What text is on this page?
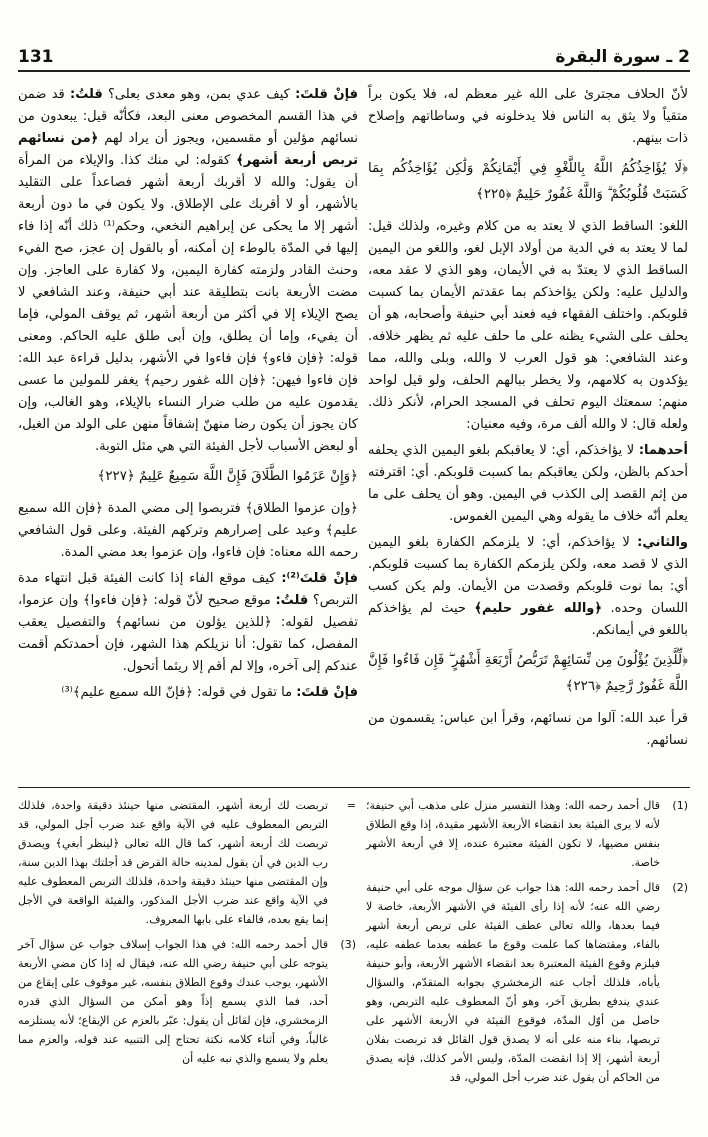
131	2 ـ سورة البقرة

لأنّ الحلاف مجترئ على الله غير معظم له، فلا يكون براً متقياً ولا يثق به الناس فلا يدخلونه في وساطاتهم وإصلاح ذات بينهم.

﴿لَا يُؤَاخِذُكُمُ اللَّهُ بِاللَّغْوِ فِي أَيْمَانِكُمْ وَلَٰكِن يُؤَاخِذُكُم بِمَا كَسَبَتْ قُلُوبُكُمْ ۗ وَاللَّهُ غَفُورٌ حَلِيمٌ ﴿٢٢٥﴾

اللغو: الساقط الذي لا يعتد به من كلام وغيره، ولذلك قيل: لما لا يعتد به في الدية من أولاد الإبل لغو، واللغو من اليمين الساقط الذي لا يعتدّ به في الأيمان، وهو الذي لا عقد معه، والدليل عليه: ولكن يؤاخذكم بما عقدتم الأيمان بما كسبت قلوبكم. واختلف الفقهاء فيه فعند أبي حنيفة وأصحابه، هو أن يحلف على الشيء يظنه على ما حلف عليه ثم يظهر خلافه. وعند الشافعي: هو قول العرب لا والله، وبلى والله، مما يؤكدون به كلامهم، ولا يخطر ببالهم الحلف، ولو قيل لواحد منهم: سمعتك اليوم تحلف في المسجد الحرام، لأنكر ذلك. ولعله قال: لا والله ألف مرة، وفيه معنيان:

أحدهما: لا يؤاخذكم، أي: لا يعاقبكم بلغو اليمين الذي يحلفه أحدكم بالظن، ولكن يعاقبكم بما كسبت قلوبكم. أي: اقترفته من إثم القصد إلى الكذب في اليمين. وهو أن يحلف على ما يعلم أنّه خلاف ما يقوله وهي اليمين الغموس.

والثاني: لا يؤاخذكم، أي: لا يلزمكم الكفارة بلغو اليمين الذي لا قصد معه، ولكن يلزمكم الكفارة بما كسبت قلوبكم. أي: بما نوت قلوبكم وقصدت من الأيمان. ولم يكن كسب اللسان وحده. ﴿والله غفور حليم﴾ حيث لم يؤاخذكم باللغو في أيمانكم.

﴿لِّلَّذِينَ يُؤْلُونَ مِن نِّسَائِهِمْ تَرَبُّصُ أَرْبَعَةِ أَشْهُرٍ ۖ فَإِن فَاءُوا فَإِنَّ اللَّهَ غَفُورٌ رَّحِيمٌ ﴿٢٢٦﴾

قرأ عبد الله: آلوا من نسائهم، وقرأ ابن عباس: يقسمون من نسائهم.

فإنْ قلتَ: كيف عدي بمن، وهو معدى بعلى؟ قلتُ: قد ضمن في هذا القسم المخصوص معنى البعد، فكأنّه قيل: يبعدون من نسائهم مؤلين أو مقسمين، ويجوز أن يراد لهم ﴿من نسائهم تربص أربعة أشهر﴾ كقوله: لي منك كذا. والإيلاء من المرأة أن يقول: والله لا أقربك أربعة أشهر فصاعداً على التقليد بالأشهر، أو لا أقربك على الإطلاق. ولا يكون في ما دون أربعة أشهر إلا ما يحكى عن إبراهيم النخعي، وحكم⁽¹⁾ ذلك أنّه إذا فاء إليها في المدّة بالوطء إن أمكنه، أو بالقول إن عجز، صح الفيء وحنث القادر ولزمته كفارة اليمين، ولا كفارة على العاجز. وإن مضت الأربعة بانت بتطليقة عند أبي حنيفة، وعند الشافعي لا يصح الإيلاء إلا في أكثر من أربعة أشهر، ثم يوقف المولي، فإما أن يفيء، وإما أن يطلق، وإن أبى طلق عليه الحاكم. ومعنى قوله: ﴿فإن فاءو﴾ فإن فاءوا في الأشهر، بدليل قراءة عبد الله: فإن فاءوا فيهن: ﴿فإن الله غفور رحيم﴾ يغفر للمولين ما عسى يقدمون عليه من طلب ضرار النساء بالإيلاء، وهو الغالب، وإن كان يجوز أن يكون رضا منهنّ إشفاقاً منهن على الولد من الغيل، أو لبعض الأسباب لأجل الفيئة التي هي مثل التوبة.

﴿وَإِنْ عَزَمُوا الطَّلَاقَ فَإِنَّ اللَّهَ سَمِيعٌ عَلِيمٌ ﴿٢٢٧﴾

﴿وإن عزموا الطلاق﴾ فتربصوا إلى مضي المدة ﴿فإن الله سميع عليم﴾ وعيد على إصرارهم وتركهم الفيئة. وعلى قول الشافعي رحمه الله معناه: فإن فاءوا، وإن عزموا بعد مضي المدة.

فإنْ قلتَ⁽²⁾: كيف موقع الفاء إذا كانت الفيئة قبل انتهاء مدة التربص؟ قلتُ: موقع صحيح لأنّ قوله: ﴿فإن فاءوا﴾ وإن عزموا، تفصيل لقوله: ﴿للذين يؤلون من نسائهم﴾ والتفصيل يعقب المفصل، كما تقول: أنا نزيلكم هذا الشهر، فإن أحمدتكم أقمت عندكم إلى آخره، وإلا لم أقم إلا ريثما أتحول.

فإنْ قلتَ: ما تقول في قوله: ﴿فإنّ الله سميع عليم﴾⁽³⁾

(1)
قال أحمد رحمه الله: وهذا التفسير منزل على مذهب أبي حنيفة؛ لأنه لا يرى الفيئة بعد انقضاء الأربعة الأشهر مقيدة، إذا وقع الطلاق بنفس مضيها، لا تكون الفيئة معتبرة عنده، إلا في أربعة الأشهر خاصة.
(2)
قال أحمد رحمه الله: هذا جواب عن سؤال موجه على أبي حنيفة رضي الله عنه؛ لأنه إذا رأى الفيئة في الأشهر الأربعة، خاصة لا فيما بعدها، والله تعالى عطف الفيئة على تربص أربعة أشهر بالفاء، ومقتضاها كما علمت وقوع ما عطفه بعدما عطفه عليه، فيلزم وقوع الفيئة المعتبرة بعد انقضاء الأشهر الأربعة، وأبو حنيفة يأباه، فلذلك أجاب عنه الزمخشري بجوابه المتقدّم، والسؤال عندي يندفع بطريق آخر، وهو أنّ المعطوف عليه التربص، وهو حاصل من أوّل المدّة، فوقوع الفيئة في الأربعة الأشهر على تربصها، بناء منه على أنه لا يصدق قول القائل قد تربصت بفلان أربعة أشهر، إلا إذا انقضت المدّة، وليس الأمر كذلك، فإنه يصدق من الحاكم أن يقول عند ضرب أجل المولي، قد
=
تربصت لك أربعة أشهر، المقتضى منها حينئذ دقيقة واحدة، فلذلك التربص المعطوف عليه في الآية واقع عند ضرب أجل المولي، قد تربصت لك أربعة أشهر، كما قال الله تعالى ﴿لينظر أبغي﴾ ويصدق رب الدين في أن يقول لمدينه حالة القرض قد أجلتك بهذا الدين سنة، وإن المقتضى منها حينئذ دقيقة واحدة، فلذلك التربص المعطوف عليه في الآية واقع عند ضرب الأجل المذكور، والفيئة الواقعة في الأجل إنما يقع بعده، فالفاء على بابها المعروف.
(3)
قال أحمد رحمه الله: في هذا الجواب إسلاف جواب عن سؤال آخر يتوجه على أبي حنيفة رضي الله عنه، فيقال له إذا كان مضي الأربعة الأشهر، يوجب عندك وقوع الطلاق بنفسه، غير موقوف على إيقاع من أحد، فما الذي يسمع إذاً وهو أمكن من السؤال الذي قدره الزمخشري، فإن لقائل أن يقول: عبّر بالعزم عن الإيقاع؛ لأنه يستلزمه غالباً، وفي أثناء كلامه نكتة تحتاج إلى التنبيه عند قوله، والعزم مما يعلم ولا يسمع والذي نبه عليه أن
